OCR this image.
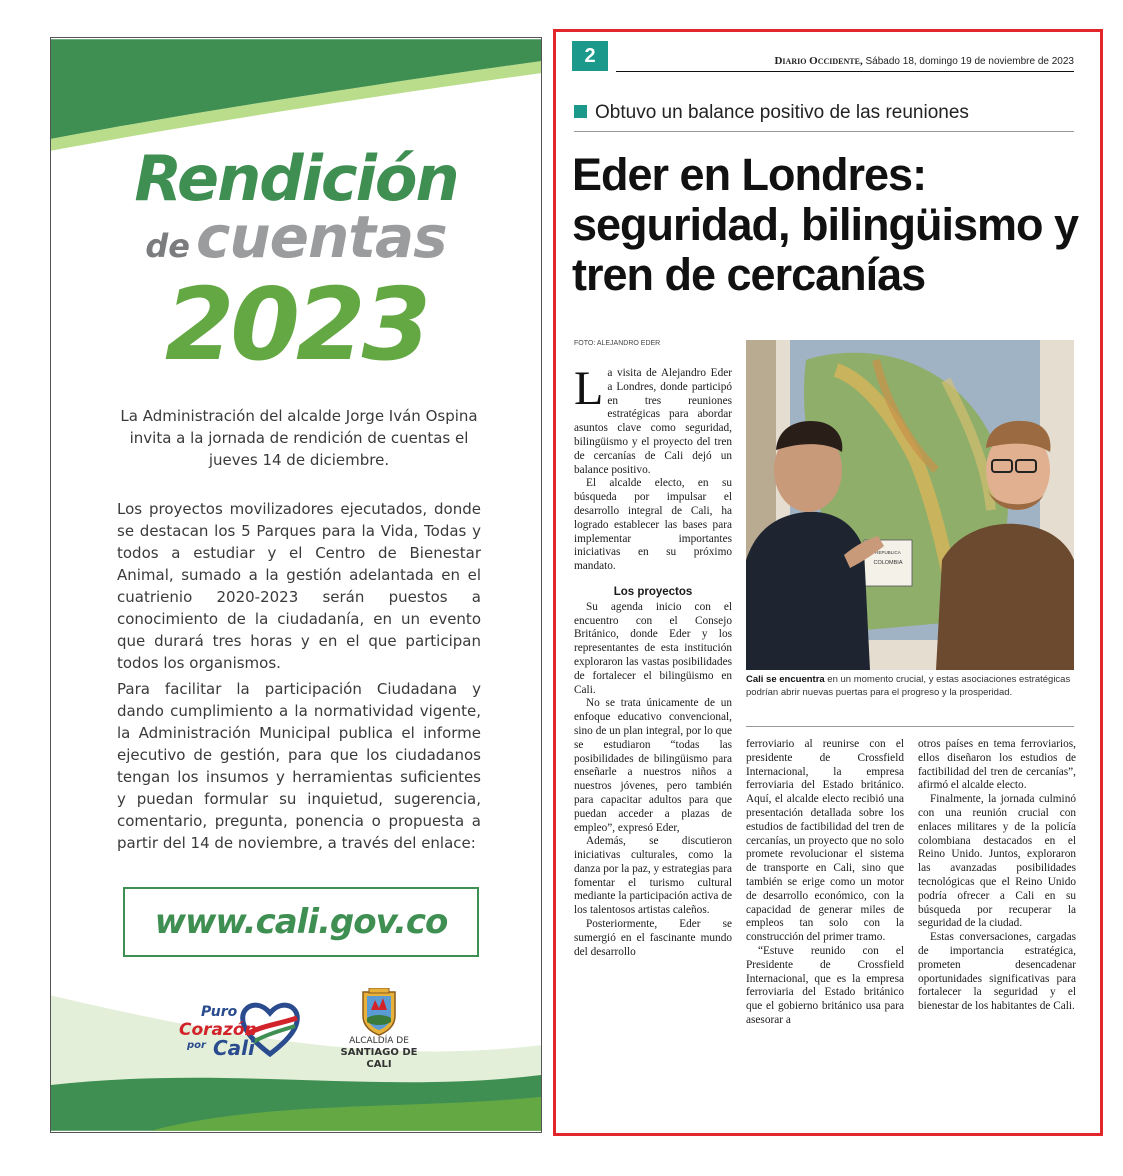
Rendición
de cuentas
2023
La Administración del alcalde Jorge Iván Ospina invita a la jornada de rendición de cuentas el jueves 14 de diciembre.
Los proyectos movilizadores ejecutados, donde se destacan los 5 Parques para la Vida, Todas y todos a estudiar y el Centro de Bienestar Animal, sumado a la gestión adelantada en el cuatrienio 2020-2023 serán puestos a conocimiento de la ciudadanía, en un evento que durará tres horas y en el que participan todos los organismos.
Para facilitar la participación Ciudadana y dando cumplimiento a la normatividad vigente, la Administración Municipal publica el informe ejecutivo de gestión, para que los ciudadanos tengan los insumos y herramientas suficientes y puedan formular su inquietud, sugerencia, comentario, pregunta, ponencia o propuesta a partir del 14 de noviembre, a través del enlace:
www.cali.gov.co
Puro
Corazón
por Cali	ALCALDÍA DE
SANTIAGO DE CALI
2	Diario Occidente, Sábado 18, domingo 19 de noviembre de 2023
Obtuvo un balance positivo de las reuniones
Eder en Londres: seguridad, bilingüismo y tren de cercanías
FOTO: ALEJANDRO EDER
REPUBLICA
COLOMBIA
Cali se encuentra en un momento crucial, y estas asociaciones estratégicas podrían abrir nuevas puertas para el progreso y la prosperidad.
L a visita de Alejandro Eder a Londres, donde participó en tres reuniones estratégicas para abordar asuntos clave como seguridad, bilingüismo y el proyecto del tren de cercanías de Cali dejó un balance positivo.

El alcalde electo, en su búsqueda por impulsar el desarrollo integral de Cali, ha logrado establecer las bases para implementar importantes iniciativas en su próximo mandato.

Los proyectos

Su agenda inicio con el encuentro con el Consejo Británico, donde Eder y los representantes de esta institución exploraron las vastas posibilidades de fortalecer el bilingüismo en Cali.

No se trata únicamente de un enfoque educativo convencional, sino de un plan integral, por lo que se estudiaron “todas las posibilidades de bilingüismo para enseñarle a nuestros niños a nuestros jóvenes, pero también para capacitar adultos para que puedan acceder a plazas de empleo”, expresó Eder,

Además, se discutieron iniciativas culturales, como la danza por la paz, y estrategias para fomentar el turismo cultural mediante la participación activa de los talentosos artistas caleños.

Posteriormente, Eder se sumergió en el fascinante mundo del desarrollo

ferroviario al reunirse con el presidente de Crossfield Internacional, la empresa ferroviaria del Estado británico. Aquí, el alcalde electo recibió una presentación detallada sobre los estudios de factibilidad del tren de cercanías, un proyecto que no solo promete revolucionar el sistema de transporte en Cali, sino que también se erige como un motor de desarrollo económico, con la capacidad de generar miles de empleos tan solo con la construcción del primer tramo.

“Estuve reunido con el Presidente de Crossfield Internacional, que es la empresa ferroviaria del Estado británico que el gobierno británico usa para asesorar a

otros países en tema ferroviarios, ellos diseñaron los estudios de factibilidad del tren de cercanías”, afirmó el alcalde electo.

Finalmente, la jornada culminó con una reunión crucial con enlaces militares y de la policía colombiana destacados en el Reino Unido. Juntos, exploraron las avanzadas posibilidades tecnológicas que el Reino Unido podría ofrecer a Cali en su búsqueda por recuperar la seguridad de la ciudad.

Estas conversaciones, cargadas de importancia estratégica, prometen desencadenar oportunidades significativas para fortalecer la seguridad y el bienestar de los habitantes de Cali.
